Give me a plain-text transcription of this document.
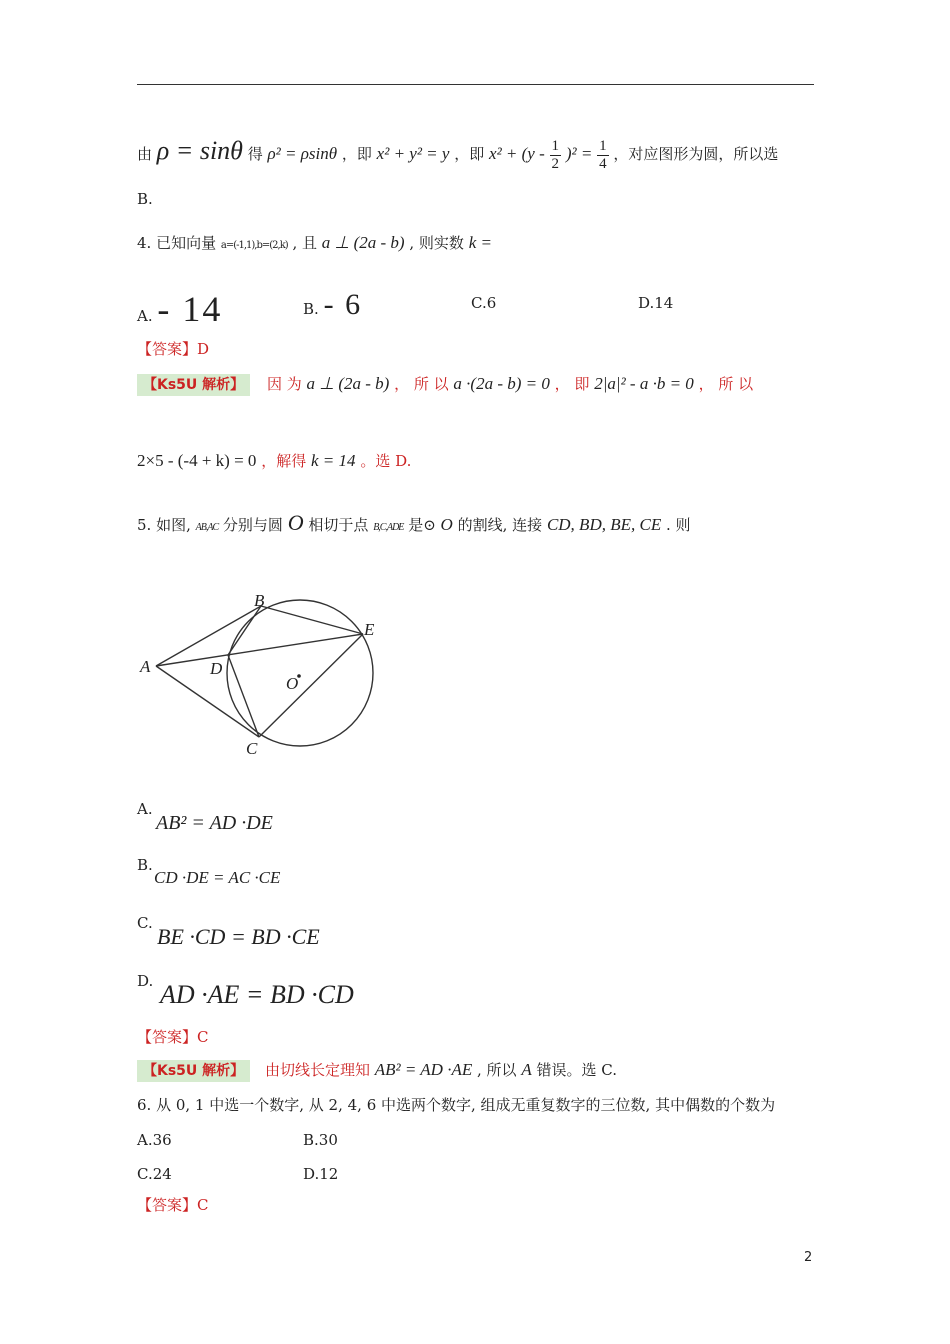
由 ρ = sinθ 得 ρ² = ρsinθ ，即 x² + y² = y ，即 $x^2 + (y - \frac{1}{2} )^2 = \frac{1}{4}$ ，对应图形为圆，所以选
B.
4. 已知向量 a=(-1,1),b=(2,k) , 且 a ⊥ (2a - b) , 则实数 k =
A. - 14	B. - 6	C.6	D.14
【答案】D
【Ks5U 解析】 因 为 a ⊥ (2a - b) ， 所 以 a ·(2a - b) = 0 ， 即 2|a|² - a ·b = 0 ， 所 以
2×5 - (-4 + k) = 0 ，解得 k = 14 。选 D.
5. 如图, AB,AC 分别与圆 O 相切于点 B,C,ADE 是⊙ O 的割线, 连接 CD, BD, BE, CE . 则
B
E
A	D
O
C
A.
AB² = AD ·DE
B.
CD ·DE = AC ·CE
C.
BE ·CD = BD ·CE
D. AD ·AE = BD ·CD
【答案】C
【Ks5U 解析】 由切线长定理知 AB² = AD ·AE , 所以 A 错误。选 C.
6. 从 0, 1 中选一个数字, 从 2, 4, 6 中选两个数字, 组成无重复数字的三位数, 其中偶数的个数为
A.36	B.30
C.24	D.12
【答案】C
2
